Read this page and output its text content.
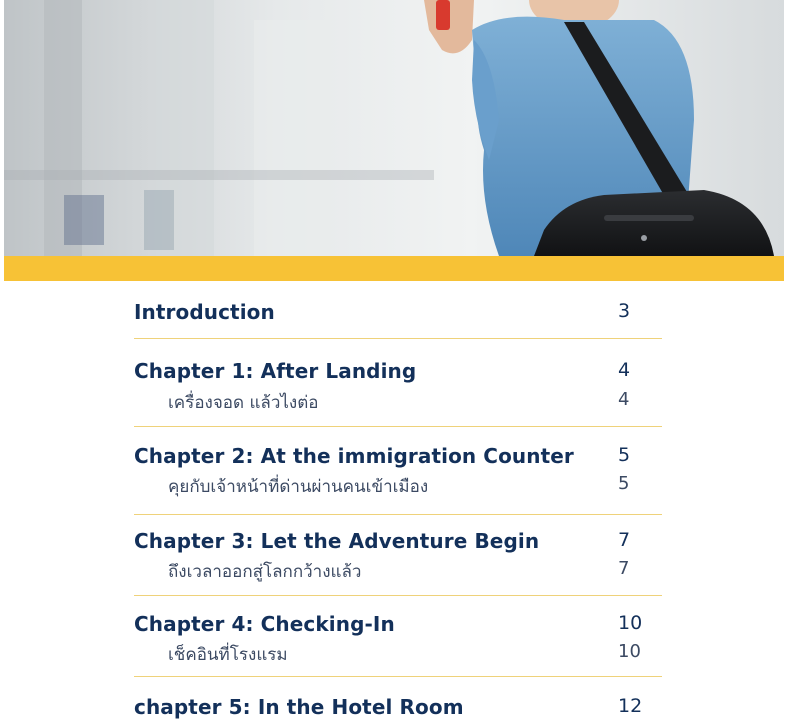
Introduction	3
Chapter 1: After Landing	4
เครื่องจอด แล้วไงต่อ	4
Chapter 2: At the immigration Counter 5
คุยกับเจ้าหน้าที่ด่านผ่านคนเข้าเมือง	5
Chapter 3: Let the Adventure Begin	7
ถึงเวลาออกสู่โลกกว้างแล้ว	7
Chapter 4: Checking-In	10
เช็คอินที่โรงแรม	10
chapter 5: In the Hotel Room	12
